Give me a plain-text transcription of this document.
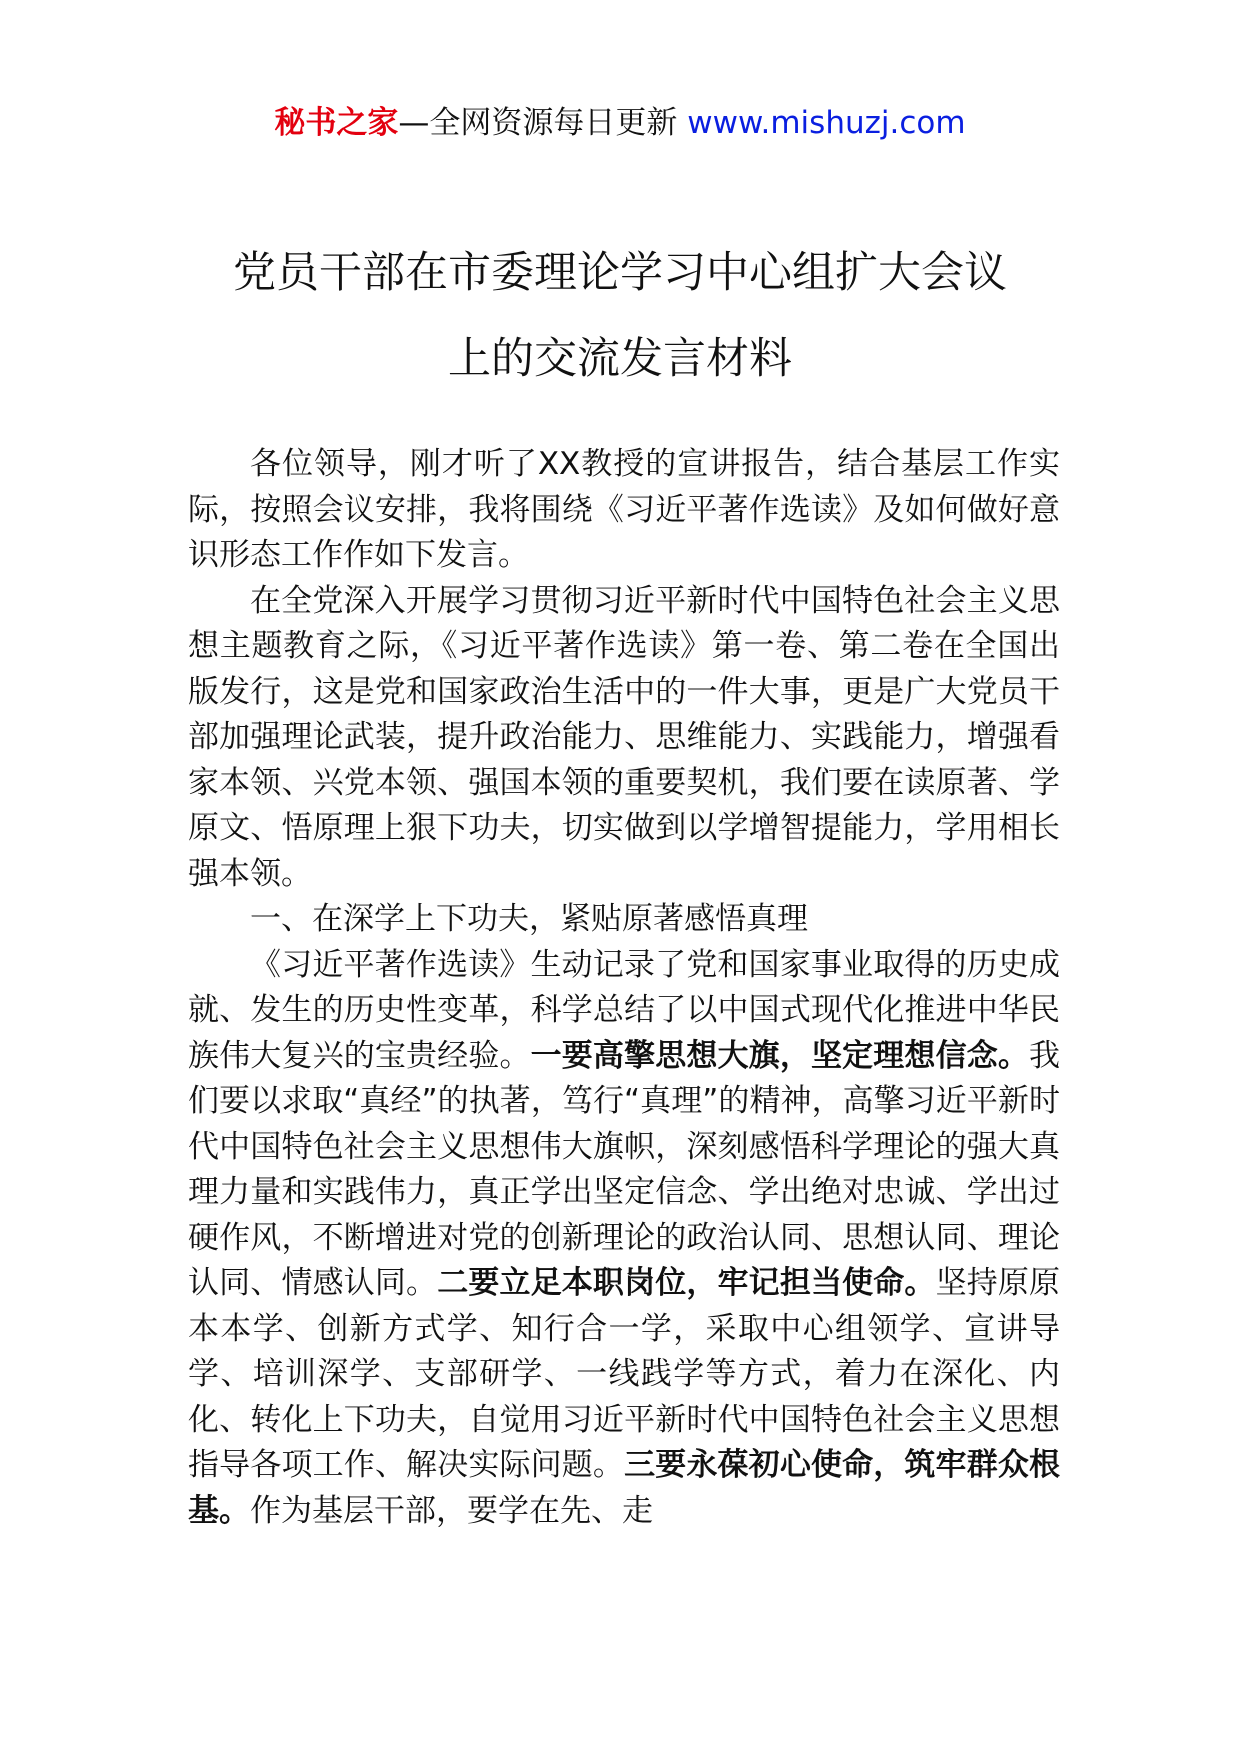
秘书之家—全网资源每日更新 www.mishuzj.com
党员干部在市委理论学习中心组扩大会议
上的交流发言材料

各位领导，刚才听了XX教授的宣讲报告，结合基层工作实际，按照会议安排，我将围绕《习近平著作选读》及如何做好意识形态工作作如下发言。

在全党深入开展学习贯彻习近平新时代中国特色社会主义思想主题教育之际，《习近平著作选读》第一卷、第二卷在全国出版发行，这是党和国家政治生活中的一件大事，更是广大党员干部加强理论武装，提升政治能力、思维能力、实践能力，增强看家本领、兴党本领、强国本领的重要契机，我们要在读原著、学原文、悟原理上狠下功夫，切实做到以学增智提能力，学用相长强本领。

一、在深学上下功夫，紧贴原著感悟真理

《习近平著作选读》生动记录了党和国家事业取得的历史成就、发生的历史性变革，科学总结了以中国式现代化推进中华民族伟大复兴的宝贵经验。一要高擎思想大旗，坚定理想信念。我们要以求取“真经”的执著，笃行“真理”的精神，高擎习近平新时代中国特色社会主义思想伟大旗帜，深刻感悟科学理论的强大真理力量和实践伟力，真正学出坚定信念、学出绝对忠诚、学出过硬作风，不断增进对党的创新理论的政治认同、思想认同、理论认同、情感认同。二要立足本职岗位，牢记担当使命。坚持原原本本学、创新方式学、知行合一学，采取中心组领学、宣讲导学、培训深学、支部研学、一线践学等方式，着力在深化、内化、转化上下功夫，自觉用习近平新时代中国特色社会主义思想指导各项工作、解决实际问题。三要永葆初心使命，筑牢群众根基。作为基层干部，要学在先、走
